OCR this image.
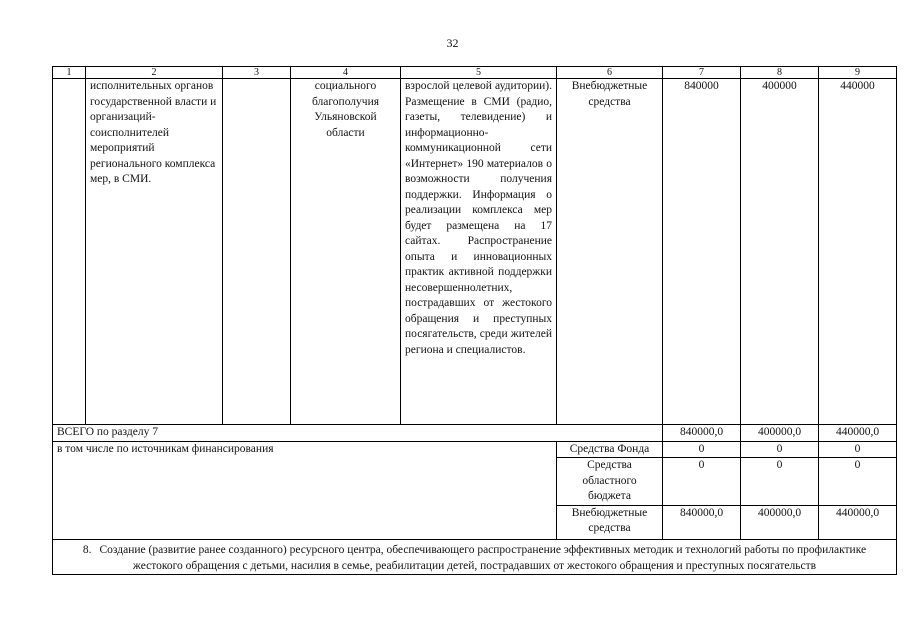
32
1	2	3	4	5	6	7	8	9
	исполнительных органов государственной власти и организаций-соисполнителей мероприятий регионального комплекса мер, в СМИ.		социального благополучия Ульяновской области	взрослой целевой аудитории). Размещение в СМИ (радио, газеты, телевидение) и информационно-коммуникационной сети «Интернет» 190 материалов о возможности получения поддержки. Информация о реализации комплекса мер будет размещена на 17 сайтах. Распространение опыта и инновационных практик активной поддержки несовершеннолетних, пострадавших от жестокого обращения и преступных посягательств, среди жителей региона и специалистов.	Внебюджетные средства	840000	400000	440000
ВСЕГО по разделу 7						840000,0	400000,0	440000,0
в том числе по источникам финансирования					Средства Фонда	0	0	0
					Средства областного бюджета	0	0	0
					Внебюджетные средства	840000,0	400000,0	440000,0
8. Создание (развитие ранее созданного) ресурсного центра, обеспечивающего распространение эффективных методик и технологий работы по профилактике жестокого обращения с детьми, насилия в семье, реабилитации детей, пострадавших от жестокого обращения и преступных посягательств								
